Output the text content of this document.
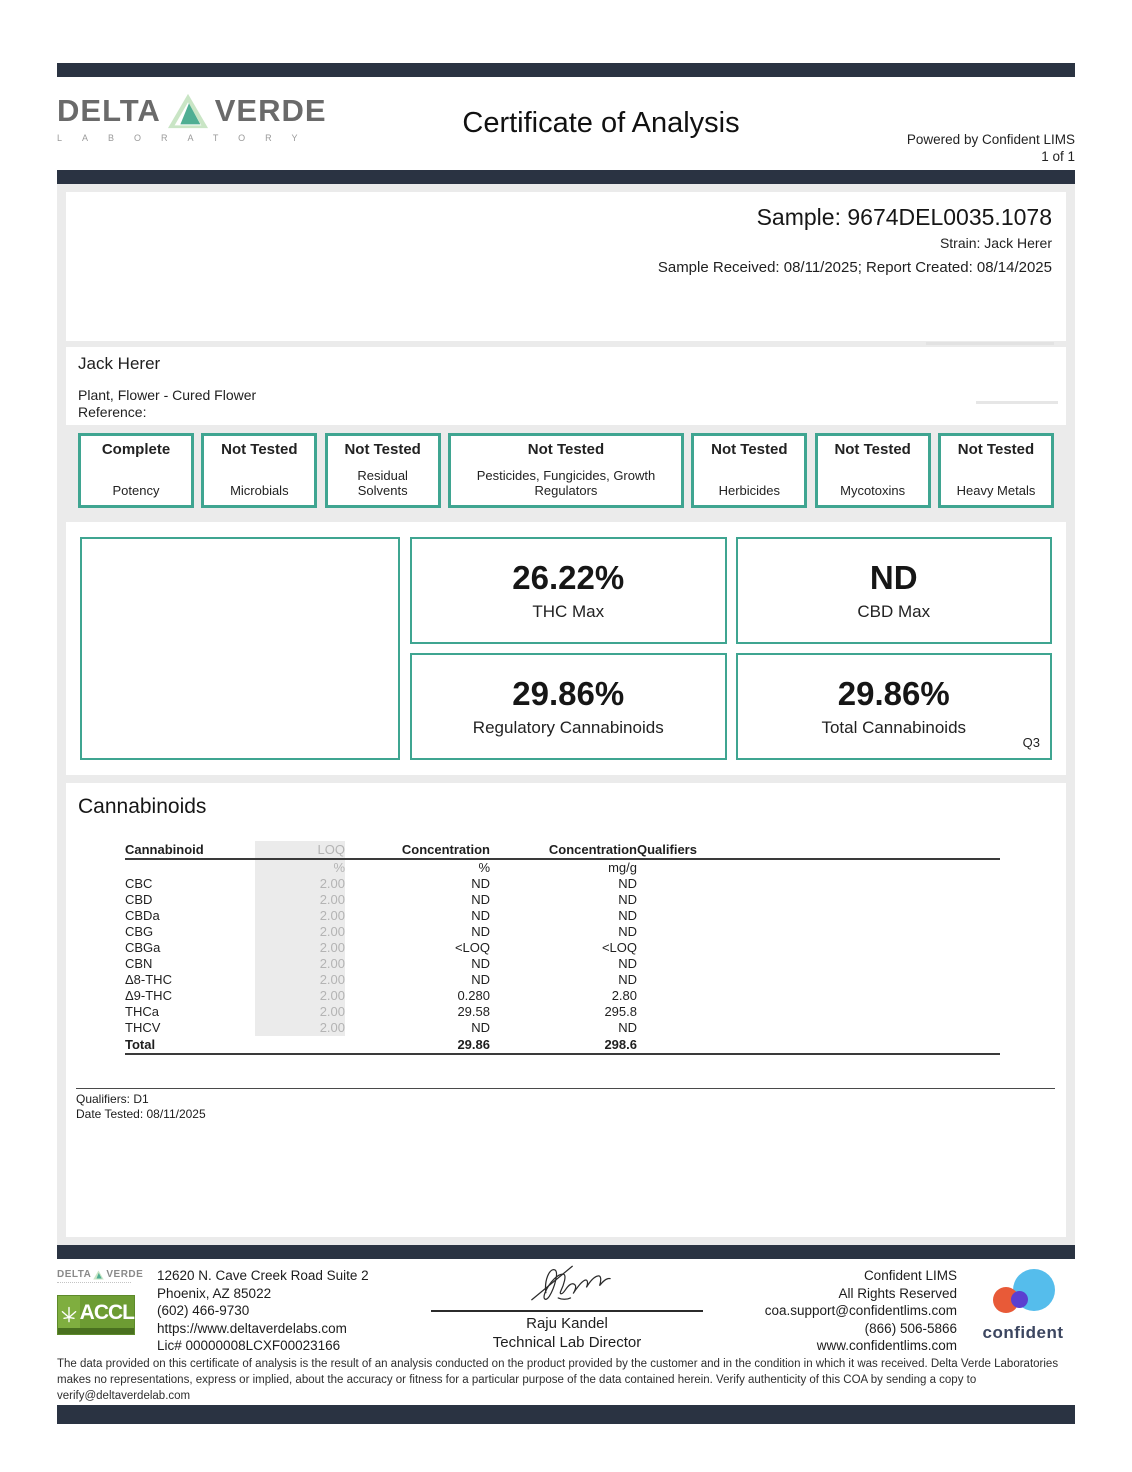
DELTA VERDE
LABORATORY	Certificate of Analysis
Powered by Confident LIMS
1 of 1
Sample: 9674DEL0035.1078
Strain: Jack Herer
Sample Received: 08/11/2025; Report Created: 08/14/2025
Jack Herer
Plant, Flower - Cured Flower
Reference:
Complete
Potency
Not Tested
Microbials
Not Tested
Residual Solvents
Not Tested
Pesticides, Fungicides, Growth Regulators
Not Tested
Herbicides
Not Tested
Mycotoxins
Not Tested
Heavy Metals
26.22%
THC Max
ND
CBD Max
29.86%
Regulatory Cannabinoids
29.86%
Total Cannabinoids
Q3
Cannabinoids
Cannabinoid	LOQ	Concentration	Concentration	Qualifiers
	%	%	mg/g	
CBC	2.00	ND	ND	
CBD	2.00	ND	ND	
CBDa	2.00	ND	ND	
CBG	2.00	ND	ND	
CBGa	2.00	<LOQ	<LOQ	
CBN	2.00	ND	ND	
Δ8-THC	2.00	ND	ND	
Δ9-THC	2.00	0.280	2.80	
THCa	2.00	29.58	295.8	
THCV	2.00	ND	ND	
Total		29.86	298.6	
Qualifiers: D1
Date Tested: 08/11/2025
DELTA VERDE
ACCL
12620 N. Cave Creek Road Suite 2
Phoenix, AZ 85022
(602) 466-9730
https://www.deltaverdelabs.com
Lic# 00000008LCXF00023166
Raju Kandel
Technical Lab Director
Confident LIMS
All Rights Reserved
coa.support@confidentlims.com
(866) 506-5866
www.confidentlims.com
confident
The data provided on this certificate of analysis is the result of an analysis conducted on the product provided by the customer and in the condition in which it was received. Delta Verde Laboratories makes no representations, express or implied, about the accuracy or fitness for a particular purpose of the data contained herein. Verify authenticity of this COA by sending a copy to verify@deltaverdelab.com
